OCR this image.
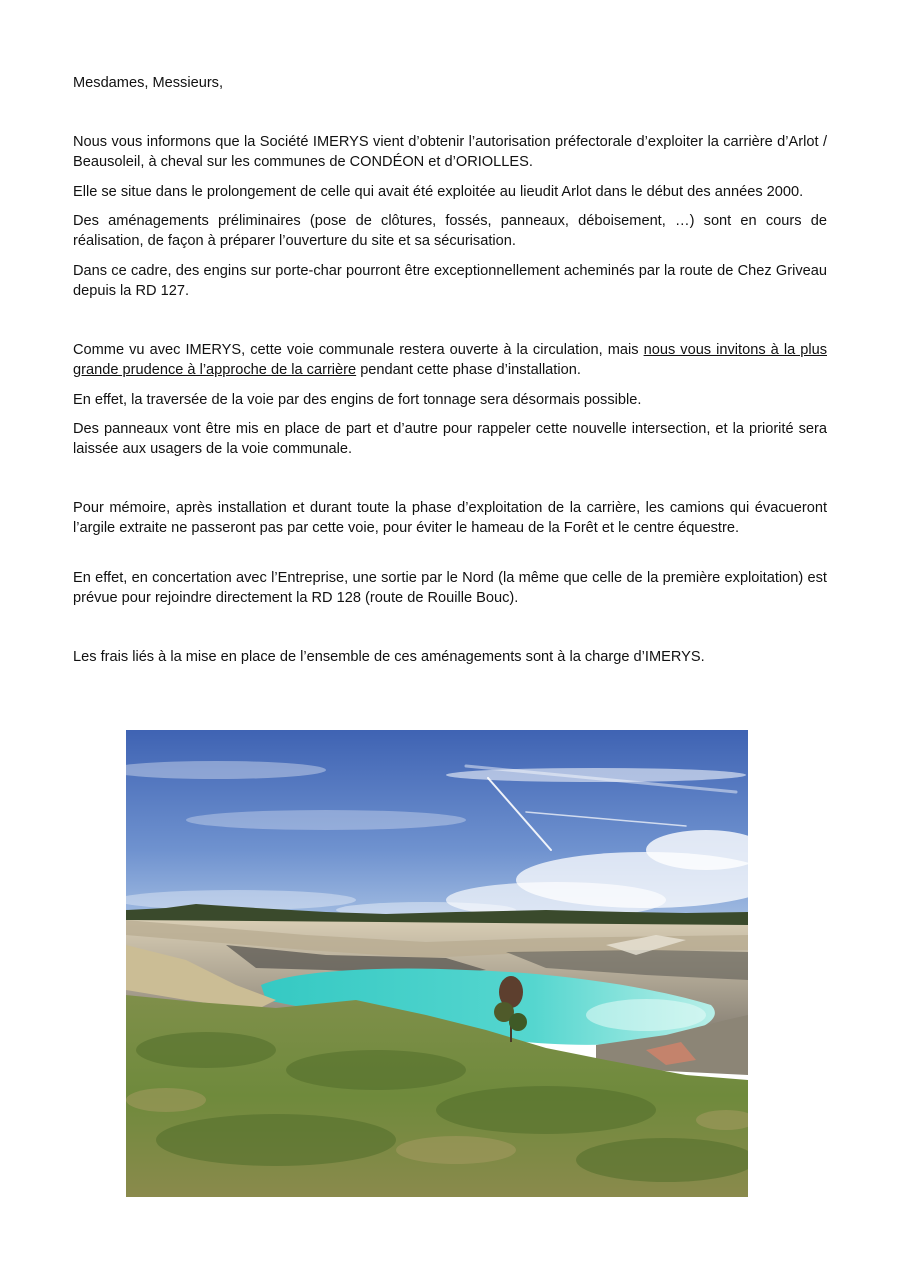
Mesdames, Messieurs,

Nous vous informons que la Société IMERYS vient d’obtenir l’autorisation préfectorale d’exploiter la carrière d’Arlot / Beausoleil, à cheval sur les communes de CONDÉON et d’ORIOLLES.

Elle se situe dans le prolongement de celle qui avait été exploitée au lieudit Arlot dans le début des années 2000.

Des aménagements préliminaires (pose de clôtures, fossés, panneaux, déboisement, …) sont en cours de réalisation, de façon à préparer l’ouverture du site et sa sécurisation.

Dans ce cadre, des engins sur porte-char pourront être exceptionnellement acheminés par la route de Chez Griveau depuis la RD 127.

Comme vu avec IMERYS, cette voie communale restera ouverte à la circulation, mais nous vous invitons à la plus grande prudence à l’approche de la carrière pendant cette phase d’installation.

En effet, la traversée de la voie par des engins de fort tonnage sera désormais possible.

Des panneaux vont être mis en place de part et d’autre pour rappeler cette nouvelle intersection, et la priorité sera laissée aux usagers de la voie communale.

Pour mémoire, après installation et durant toute la phase d’exploitation de la carrière, les camions qui évacueront l’argile extraite ne passeront pas par cette voie, pour éviter le hameau de la Forêt et le centre équestre.

En effet, en concertation avec l’Entreprise, une sortie par le Nord (la même que celle de la première exploitation) est prévue pour rejoindre directement la RD 128 (route de Rouille Bouc).

Les frais liés à la mise en place de l’ensemble de ces aménagements sont à la charge d’IMERYS.
